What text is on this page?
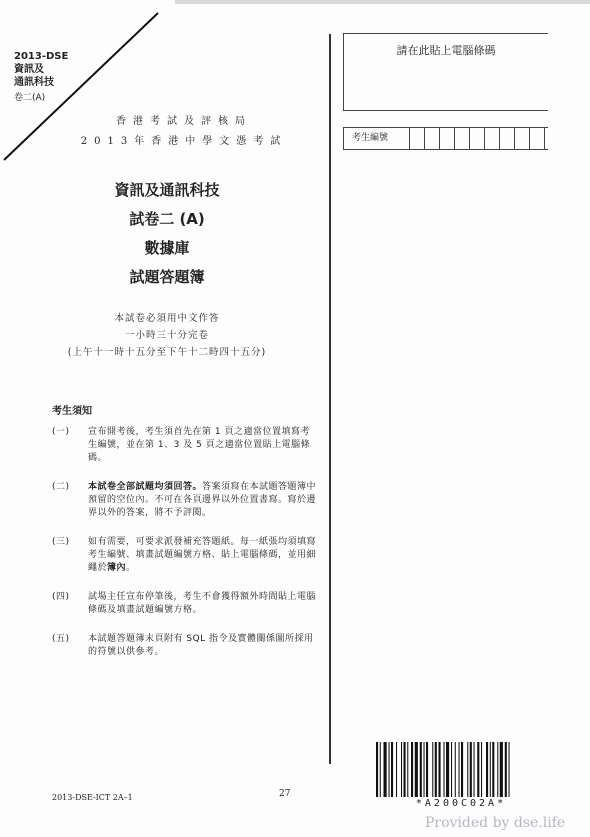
2013-DSE
資訊及
通訊科技
卷二(A)
香港考試及評核局
2013年香港中學文憑考試
資訊及通訊科技
試卷二 (A)
數據庫
試題答題簿
本試卷必須用中文作答
一小時三十分完卷
(上午十一時十五分至下午十二時四十五分)
考生須知
(一)	宣布開考後，考生須首先在第 1 頁之適當位置填寫考生編號，並在第 1、3 及 5 頁之適當位置貼上電腦條碼。
(二)	本試卷全部試題均須回答。答案須寫在本試題答題簿中預留的空位內。不可在各頁邊界以外位置書寫。寫於邊界以外的答案，將不予評閱。
(三)	如有需要，可要求派發補充答題紙。每一紙張均須填寫考生編號、填畫試題編號方格、貼上電腦條碼，並用細繩於簿內。
(四)	試場主任宣布停筆後，考生不會獲得額外時間貼上電腦條碼及填畫試題編號方格。
(五)	本試題答題簿末頁附有 SQL 指令及實體關係圖所採用的符號以供參考。
請在此貼上電腦條碼
考生編號
*A200C02A*
2013-DSE-ICT 2A–1	27
Provided by dse.life
